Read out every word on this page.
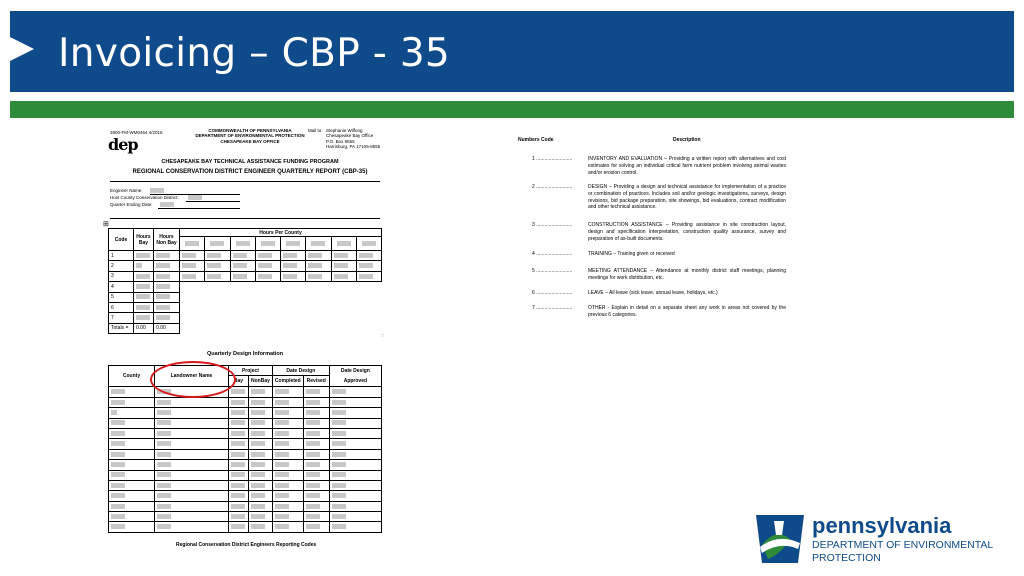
Invoicing – CBP - 35
3900-FM-WM0464 4/2016
dep
COMMONWEALTH OF PENNSYLVANIA
DEPARTMENT OF ENVIRONMENTAL PROTECTION
CHESAPEAKE BAY OFFICE
Mail to: Stephanie Wilfong
Chesapeake Bay Office
P.O. Box 8555
Harrisburg, PA 17105-8555
CHESAPEAKE BAY TECHNICAL ASSISTANCE FUNDING PROGRAM
REGIONAL CONSERVATION DISTRICT ENGINEER QUARTERLY REPORT (CBP-35)
Engineer Name:
Host County Conservation District:
Quarter Ending Date:
⊞
Code	Hours Bay	Hours Non Bay	Hours Per County							

1										
2										
3										
4										
5										
6										
7										
Totals =	0.00	0.00								
□
Quarterly Design Information
County	Landowner Name	Project		Date Design		Date Design
		Bay	NonBay	Completed	Revised	Approved

Regional Conservation District Engineers Reporting Codes
Numbers Code	Description
1 ..........................	INVENTORY AND EVALUATION – Providing a written report with alternatives and cost estimates for solving an individual critical farm nutrient problem involving animal wastes and/or erosion control.
2 ..........................	DESIGN – Providing a design and technical assistance for implementation of a practice or combination of practices. Includes soil and/or geologic investigations, surveys, design revisions, bid package preparation, site showings, bid evaluations, contract modification and other technical assistance.
3 ..........................	CONSTRUCTION ASSISTANCE – Providing assistance in site construction layout, design and specification interpretation, construction quality assurance, survey and preparation of as-built documents.
4 ..........................	TRAINING – Training given or received
5 ..........................	MEETING ATTENDANCE – Attendance at monthly district staff meetings, planning meetings for work distribution, etc.
6 ..........................	LEAVE – All leave (sick leave, annual leave, holidays, etc.)
7 ..........................	OTHER - Explain in detail on a separate sheet any work in areas not covered by the previous 6 categories.
pennsylvania
DEPARTMENT OF ENVIRONMENTAL
PROTECTION
